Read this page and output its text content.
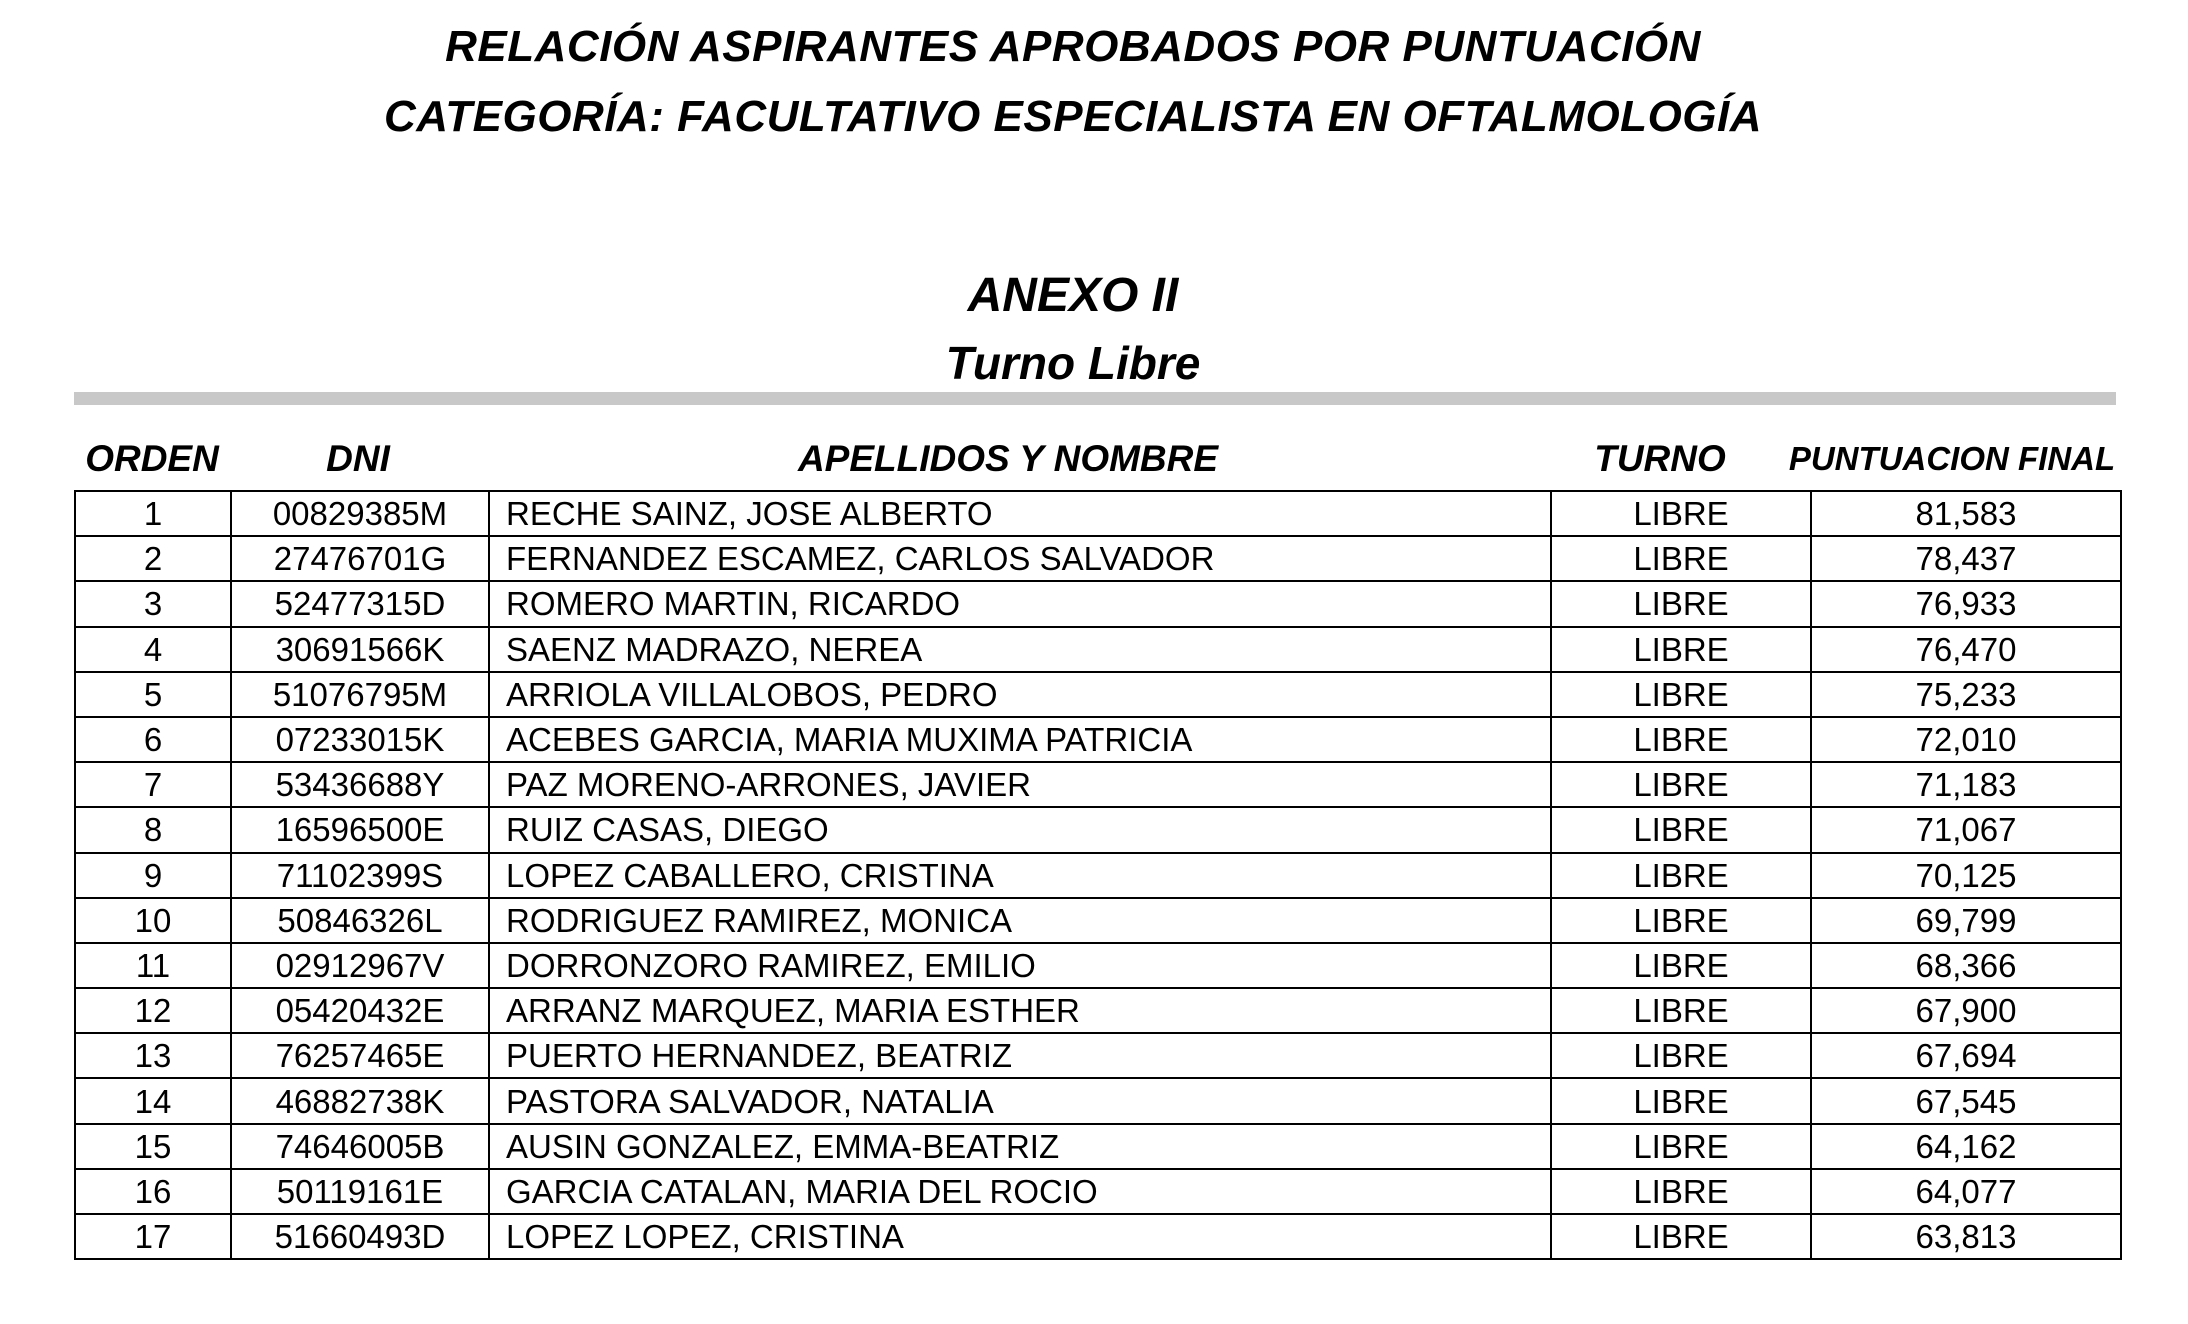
RELACIÓN ASPIRANTES APROBADOS POR PUNTUACIÓN
CATEGORÍA: FACULTATIVO ESPECIALISTA EN OFTALMOLOGÍA
ANEXO II
Turno Libre
ORDEN	DNI	APELLIDOS Y NOMBRE	TURNO	PUNTUACION FINAL
1	00829385M	RECHE SAINZ, JOSE ALBERTO	LIBRE	81,583
2	27476701G	FERNANDEZ ESCAMEZ, CARLOS SALVADOR	LIBRE	78,437
3	52477315D	ROMERO MARTIN, RICARDO	LIBRE	76,933
4	30691566K	SAENZ MADRAZO, NEREA	LIBRE	76,470
5	51076795M	ARRIOLA VILLALOBOS, PEDRO	LIBRE	75,233
6	07233015K	ACEBES GARCIA, MARIA MUXIMA PATRICIA	LIBRE	72,010
7	53436688Y	PAZ MORENO-ARRONES, JAVIER	LIBRE	71,183
8	16596500E	RUIZ CASAS, DIEGO	LIBRE	71,067
9	71102399S	LOPEZ CABALLERO, CRISTINA	LIBRE	70,125
10	50846326L	RODRIGUEZ RAMIREZ, MONICA	LIBRE	69,799
11	02912967V	DORRONZORO RAMIREZ, EMILIO	LIBRE	68,366
12	05420432E	ARRANZ MARQUEZ, MARIA ESTHER	LIBRE	67,900
13	76257465E	PUERTO HERNANDEZ, BEATRIZ	LIBRE	67,694
14	46882738K	PASTORA SALVADOR, NATALIA	LIBRE	67,545
15	74646005B	AUSIN GONZALEZ, EMMA-BEATRIZ	LIBRE	64,162
16	50119161E	GARCIA CATALAN, MARIA DEL ROCIO	LIBRE	64,077
17	51660493D	LOPEZ LOPEZ, CRISTINA	LIBRE	63,813
